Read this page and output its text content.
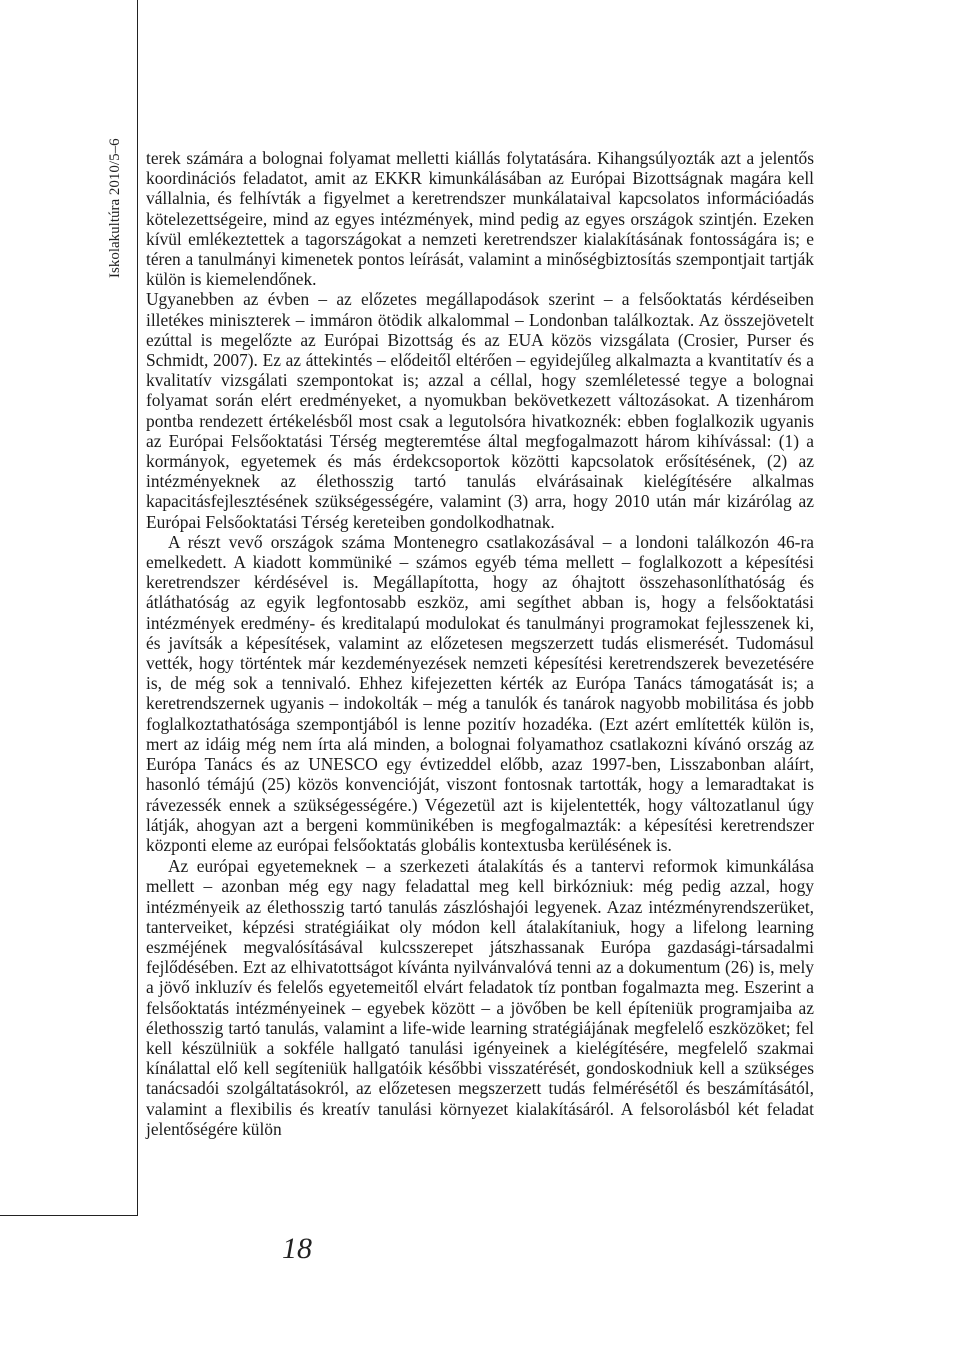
Iskolakultúra 2010/5–6 terek számára a bolognai folyamat melletti kiállás folytatására. Kihangsúlyozták azt a jelentős koordinációs feladatot, amit az EKKR kimunkálásában az Európai Bizottságnak magára kell vállalnia, és felhívták a figyelmet a keretrendszer munkálataival kapcsolatos információadás kötelezettségeire, mind az egyes intézmények, mind pedig az egyes országok szintjén. Ezeken kívül emlékeztettek a tagországokat a nemzeti keretrendszer kialakításának fontosságára is; e téren a tanulmányi kimenetek pontos leírását, valamint a minőségbiztosítás szempontjait tartják külön is kiemelendőnek.

Ugyanebben az évben – az előzetes megállapodások szerint – a felsőoktatás kérdéseiben illetékes miniszterek – immáron ötödik alkalommal – Londonban találkoztak. Az összejövetelt ezúttal is megelőzte az Európai Bizottság és az EUA közös vizsgálata (Crosier, Purser és Schmidt, 2007). Ez az áttekintés – elődeitől eltérően – egyidejűleg alkalmazta a kvantitatív és a kvalitatív vizsgálati szempontokat is; azzal a céllal, hogy szemléletessé tegye a bolognai folyamat során elért eredményeket, a nyomukban bekövetkezett változásokat. A tizenhárom pontba rendezett értékelésből most csak a legutolsóra hivatkoznék: ebben foglalkozik ugyanis az Európai Felsőoktatási Térség megteremtése által megfogalmazott három kihívással: (1) a kormányok, egyetemek és más érdekcsoportok közötti kapcsolatok erősítésének, (2) az intézményeknek az élethosszig tartó tanulás elvárásainak kielégítésére alkalmas kapacitásfejlesztésének szükségességére, valamint (3) arra, hogy 2010 után már kizárólag az Európai Felsőoktatási Térség kereteiben gondolkodhatnak.

A részt vevő országok száma Montenegro csatlakozásával – a londoni találkozón 46-ra emelkedett. A kiadott kommüniké – számos egyéb téma mellett – foglalkozott a képesítési keretrendszer kérdésével is. Megállapította, hogy az óhajtott összehasonlíthatóság és átláthatóság az egyik legfontosabb eszköz, ami segíthet abban is, hogy a felsőoktatási intézmények eredmény- és kreditalapú modulokat és tanulmányi programokat fejlesszenek ki, és javítsák a képesítések, valamint az előzetesen megszerzett tudás elismerését. Tudomásul vették, hogy történtek már kezdeményezések nemzeti képesítési keretrendszerek bevezetésére is, de még sok a tennivaló. Ehhez kifejezetten kérték az Európa Tanács támogatását is; a keretrendszernek ugyanis – indokolták – még a tanulók és tanárok nagyobb mobilitása és jobb foglalkoztathatósága szempontjából is lenne pozitív hozadéka. (Ezt azért említették külön is, mert az idáig még nem írta alá minden, a bolognai folyamathoz csatlakozni kívánó ország az Európa Tanács és az UNESCO egy évtizeddel előbb, azaz 1997-ben, Lisszabonban aláírt, hasonló témájú (25) közös konvencióját, viszont fontosnak tartották, hogy a lemaradtakat is rávezessék ennek a szükségességére.) Végezetül azt is kijelentették, hogy változatlanul úgy látják, ahogyan azt a bergeni kommünikében is megfogalmazták: a képesítési keretrendszer központi eleme az európai felsőoktatás globális kontextusba kerülésének is.

Az európai egyetemeknek – a szerkezeti átalakítás és a tantervi reformok kimunkálása mellett – azonban még egy nagy feladattal meg kell birkózniuk: még pedig azzal, hogy intézményeik az élethosszig tartó tanulás zászlóshajói legyenek. Azaz intézményrendszerüket, tanterveiket, képzési stratégiáikat oly módon kell átalakítaniuk, hogy a lifelong learning eszméjének megvalósításával kulcsszerepet játszhassanak Európa gazdasági-társadalmi fejlődésében. Ezt az elhivatottságot kívánta nyilvánvalóvá tenni az a dokumentum (26) is, mely a jövő inkluzív és felelős egyetemeitől elvárt feladatok tíz pontban fogalmazta meg. Eszerint a felsőoktatás intézményeinek – egyebek között – a jövőben be kell építeniük programjaiba az élethosszig tartó tanulás, valamint a life-wide learning stratégiájának megfelelő eszközöket; fel kell készülniük a sokféle hallgató tanulási igényeinek a kielégítésére, megfelelő szakmai kínálattal elő kell segíteniük hallgatóik későbbi visszatérését, gondoskodniuk kell a szükséges tanácsadói szolgáltatásokról, az előzetesen megszerzett tudás felmérésétől és beszámításától, valamint a flexibilis és kreatív tanulási környezet kialakításáról. A felsorolásból két feladat jelentőségére külön

18
